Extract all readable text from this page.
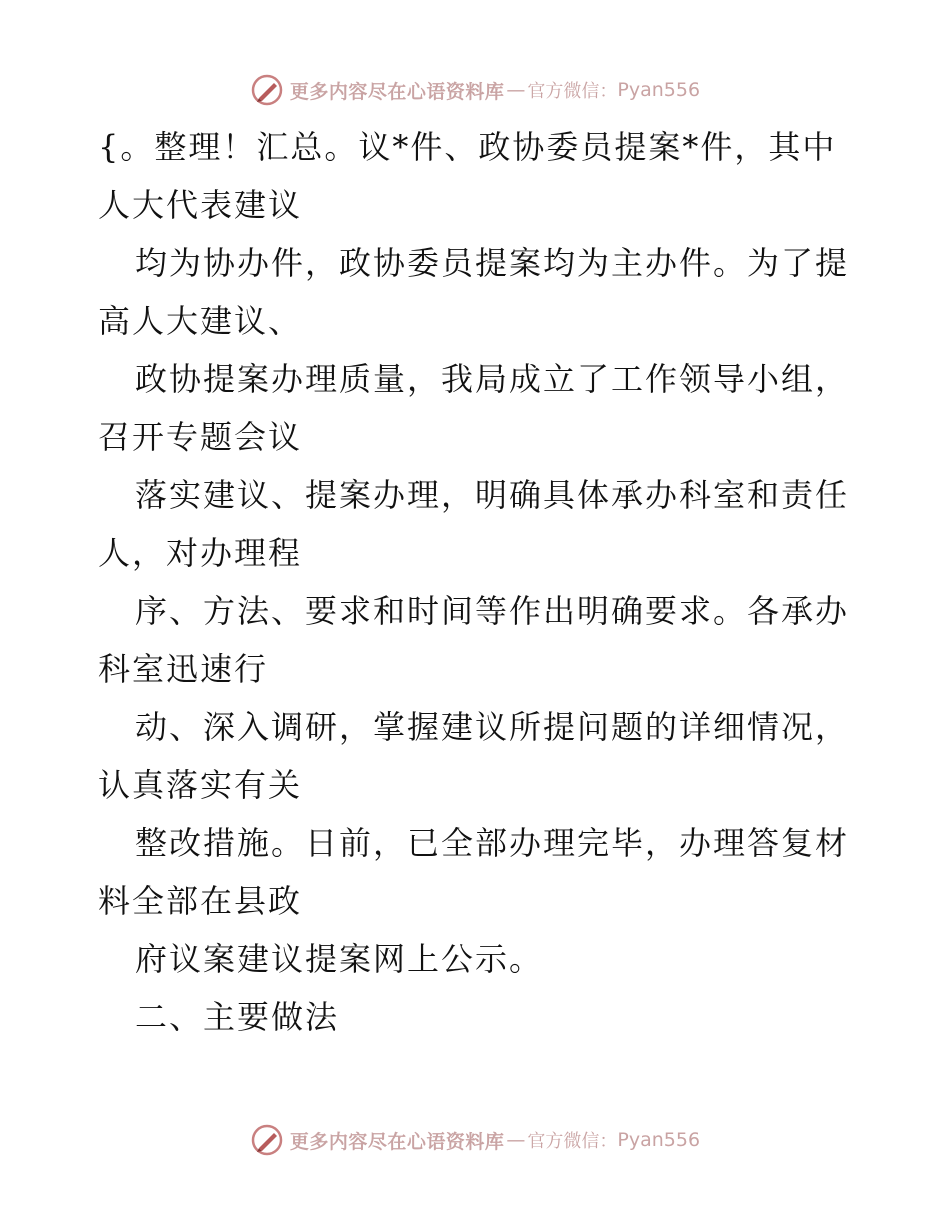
更多内容尽在心语资料库 — 官方微信： Pyan556
{。整理！汇总。议*件、政协委员提案*件，其中
人大代表建议
均为协办件，政协委员提案均为主办件。为了提
高人大建议、
政协提案办理质量，我局成立了工作领导小组，
召开专题会议
落实建议、提案办理，明确具体承办科室和责任
人，对办理程
序、方法、要求和时间等作出明确要求。各承办
科室迅速行
动、深入调研，掌握建议所提问题的详细情况，
认真落实有关
整改措施。日前，已全部办理完毕，办理答复材
料全部在县政
府议案建议提案网上公示。
二、主要做法
更多内容尽在心语资料库 — 官方微信： Pyan556
